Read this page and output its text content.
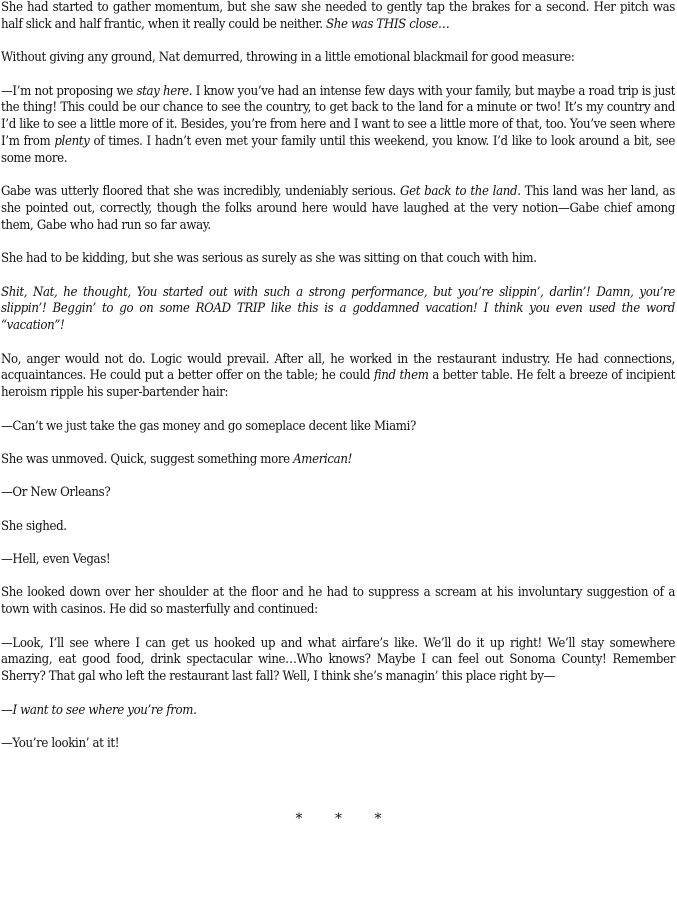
She had started to gather momentum, but she saw she needed to gently tap the brakes for a second. Her pitch was half slick and half frantic, when it really could be neither. She was THIS close…

Without giving any ground, Nat demurred, throwing in a little emotional blackmail for good measure:

—I’m not proposing we stay here. I know you’ve had an intense few days with your family, but maybe a road trip is just the thing! This could be our chance to see the country, to get back to the land for a minute or two! It’s my country and I’d like to see a little more of it. Besides, you’re from here and I want to see a little more of that, too. You’ve seen where I’m from plenty of times. I hadn’t even met your family until this weekend, you know. I’d like to look around a bit, see some more.

Gabe was utterly floored that she was incredibly, undeniably serious. Get back to the land. This land was her land, as she pointed out, correctly, though the folks around here would have laughed at the very notion—Gabe chief among them, Gabe who had run so far away.

She had to be kidding, but she was serious as surely as she was sitting on that couch with him.

Shit, Nat, he thought, You started out with such a strong performance, but you’re slippin’, darlin’! Damn, you’re slippin’! Beggin’ to go on some ROAD TRIP like this is a goddamned vacation! I think you even used the word “vacation”!

No, anger would not do. Logic would prevail. After all, he worked in the restaurant industry. He had connections, acquaintances. He could put a better offer on the table; he could find them a better table. He felt a breeze of incipient heroism ripple his super-bartender hair:

—Can’t we just take the gas money and go someplace decent like Miami?

She was unmoved. Quick, suggest something more American!

—Or New Orleans?

She sighed.

—Hell, even Vegas!

She looked down over her shoulder at the floor and he had to suppress a scream at his involuntary suggestion of a town with casinos. He did so masterfully and continued:

—Look, I’ll see where I can get us hooked up and what airfare’s like. We’ll do it up right! We’ll stay somewhere amazing, eat good food, drink spectacular wine…Who knows? Maybe I can feel out Sonoma County! Remember Sherry? That gal who left the restaurant last fall? Well, I think she’s managin’ this place right by—

—I want to see where you’re from.

—You’re lookin’ at it!

* * *
